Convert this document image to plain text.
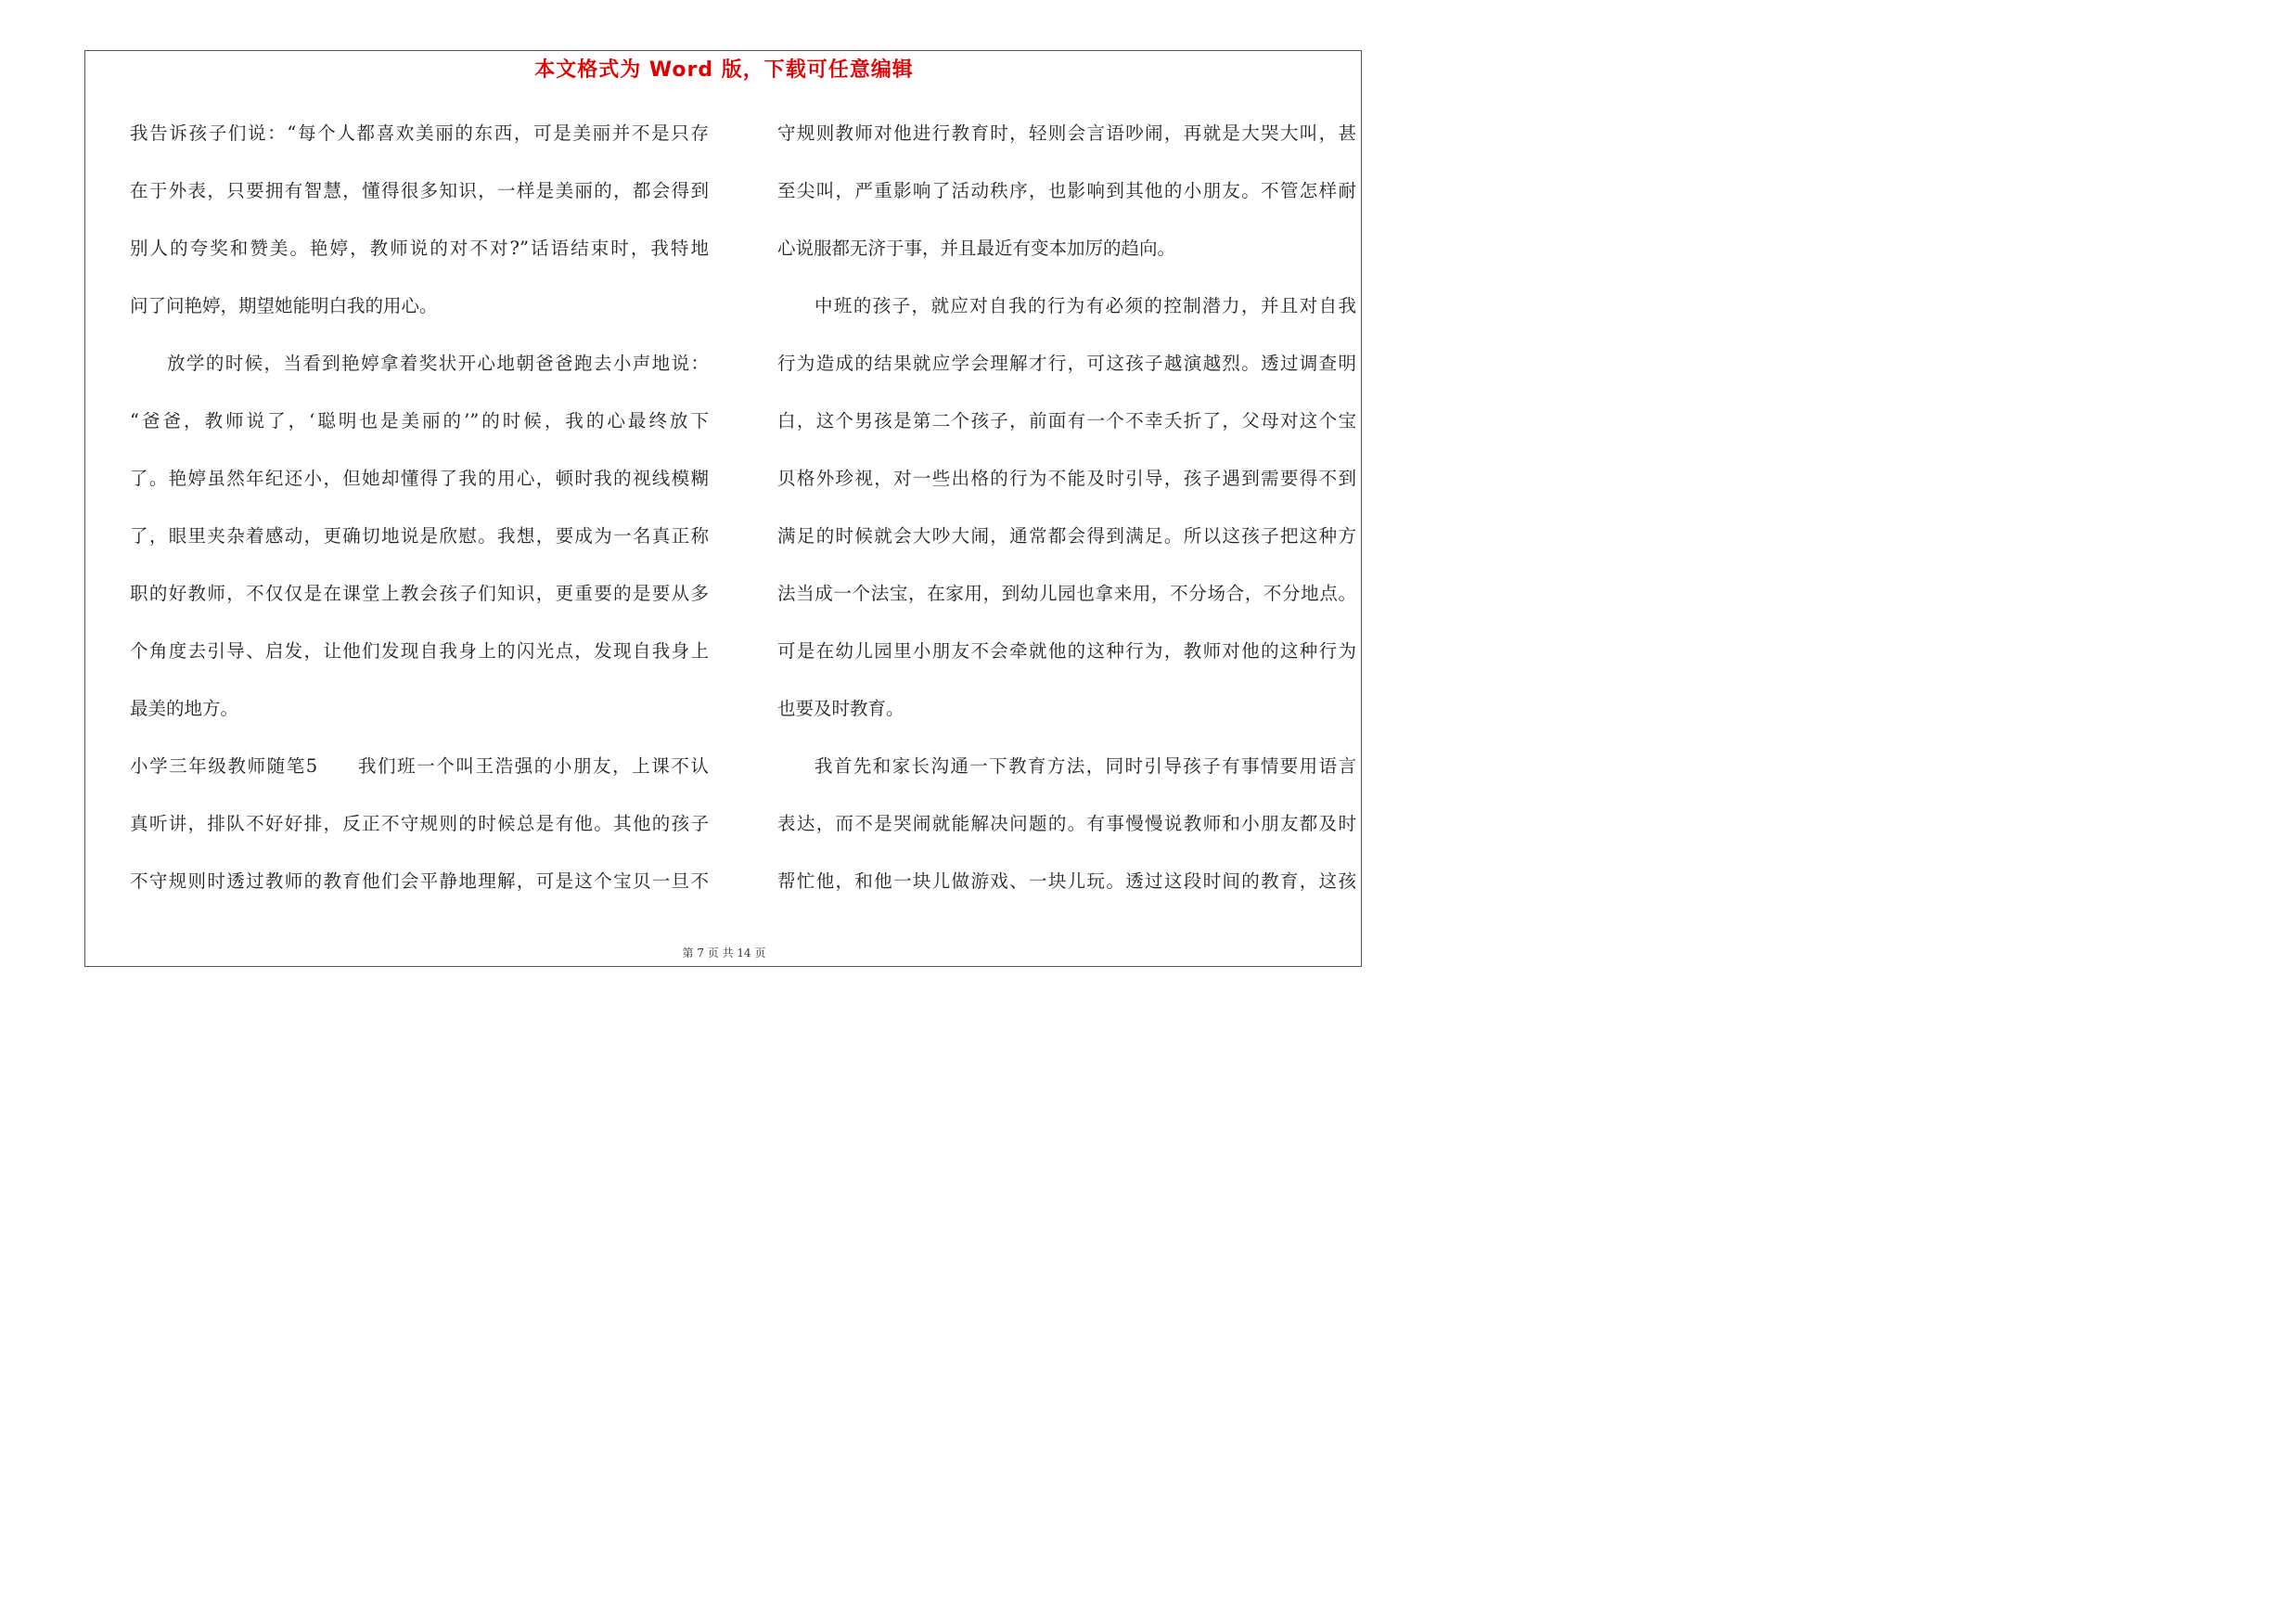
本文格式为 Word 版，下载可任意编辑
我告诉孩子们说：“每个人都喜欢美丽的东西，可是美丽并不是只存
在于外表，只要拥有智慧，懂得很多知识，一样是美丽的，都会得到
别人的夸奖和赞美。艳婷，教师说的对不对?”话语结束时，我特地
问了问艳婷，期望她能明白我的用心。
放学的时候，当看到艳婷拿着奖状开心地朝爸爸跑去小声地说：
“爸爸，教师说了，‘聪明也是美丽的’”的时候，我的心最终放下
了。艳婷虽然年纪还小，但她却懂得了我的用心，顿时我的视线模糊
了，眼里夹杂着感动，更确切地说是欣慰。我想，要成为一名真正称
职的好教师，不仅仅是在课堂上教会孩子们知识，更重要的是要从多
个角度去引导、启发，让他们发现自我身上的闪光点，发现自我身上
最美的地方。
小学三年级教师随笔5　　我们班一个叫王浩强的小朋友，上课不认
真听讲，排队不好好排，反正不守规则的时候总是有他。其他的孩子
不守规则时透过教师的教育他们会平静地理解，可是这个宝贝一旦不
守规则教师对他进行教育时，轻则会言语吵闹，再就是大哭大叫，甚
至尖叫，严重影响了活动秩序，也影响到其他的小朋友。不管怎样耐
心说服都无济于事，并且最近有变本加厉的趋向。
中班的孩子，就应对自我的行为有必须的控制潜力，并且对自我
行为造成的结果就应学会理解才行，可这孩子越演越烈。透过调查明
白，这个男孩是第二个孩子，前面有一个不幸夭折了，父母对这个宝
贝格外珍视，对一些出格的行为不能及时引导，孩子遇到需要得不到
满足的时候就会大吵大闹，通常都会得到满足。所以这孩子把这种方
法当成一个法宝，在家用，到幼儿园也拿来用，不分场合，不分地点。
可是在幼儿园里小朋友不会牵就他的这种行为，教师对他的这种行为
也要及时教育。
我首先和家长沟通一下教育方法，同时引导孩子有事情要用语言
表达，而不是哭闹就能解决问题的。有事慢慢说教师和小朋友都及时
帮忙他，和他一块儿做游戏、一块儿玩。透过这段时间的教育，这孩
第 7 页 共 14 页
